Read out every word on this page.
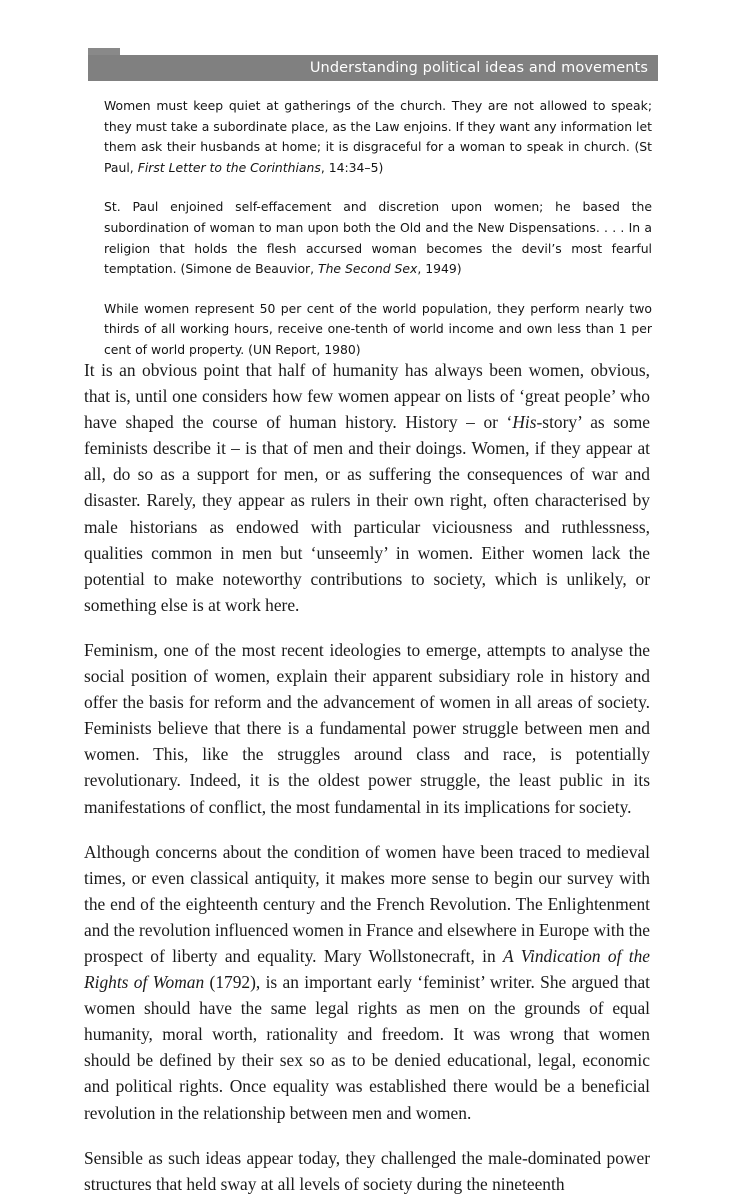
Understanding political ideas and movements
Women must keep quiet at gatherings of the church. They are not allowed to speak; they must take a subordinate place, as the Law enjoins. If they want any information let them ask their husbands at home; it is disgraceful for a woman to speak in church. (St Paul, First Letter to the Corinthians, 14:34–5)
St. Paul enjoined self-effacement and discretion upon women; he based the subordination of woman to man upon both the Old and the New Dispensations. . . . In a religion that holds the flesh accursed woman becomes the devil’s most fearful temptation. (Simone de Beauvior, The Second Sex, 1949)
While women represent 50 per cent of the world population, they perform nearly two thirds of all working hours, receive one-tenth of world income and own less than 1 per cent of world property. (UN Report, 1980)

It is an obvious point that half of humanity has always been women, obvious, that is, until one considers how few women appear on lists of ‘great people’ who have shaped the course of human history. History – or ‘His-story’ as some feminists describe it – is that of men and their doings. Women, if they appear at all, do so as a support for men, or as suffering the consequences of war and disaster. Rarely, they appear as rulers in their own right, often characterised by male historians as endowed with particular viciousness and ruthlessness, qualities common in men but ‘unseemly’ in women. Either women lack the potential to make noteworthy contributions to society, which is unlikely, or something else is at work here.

Feminism, one of the most recent ideologies to emerge, attempts to analyse the social position of women, explain their apparent subsidiary role in history and offer the basis for reform and the advancement of women in all areas of society. Feminists believe that there is a fundamental power struggle between men and women. This, like the struggles around class and race, is potentially revolutionary. Indeed, it is the oldest power struggle, the least public in its manifestations of conflict, the most fundamental in its implications for society.

Although concerns about the condition of women have been traced to medieval times, or even classical antiquity, it makes more sense to begin our survey with the end of the eighteenth century and the French Revolution. The Enlightenment and the revolution influenced women in France and elsewhere in Europe with the prospect of liberty and equality. Mary Wollstonecraft, in A Vindication of the Rights of Woman (1792), is an important early ‘feminist’ writer. She argued that women should have the same legal rights as men on the grounds of equal humanity, moral worth, rationality and freedom. It was wrong that women should be defined by their sex so as to be denied educational, legal, economic and political rights. Once equality was established there would be a beneficial revolution in the relationship between men and women.

Sensible as such ideas appear today, they challenged the male-dominated power structures that held sway at all levels of society during the nineteenth
